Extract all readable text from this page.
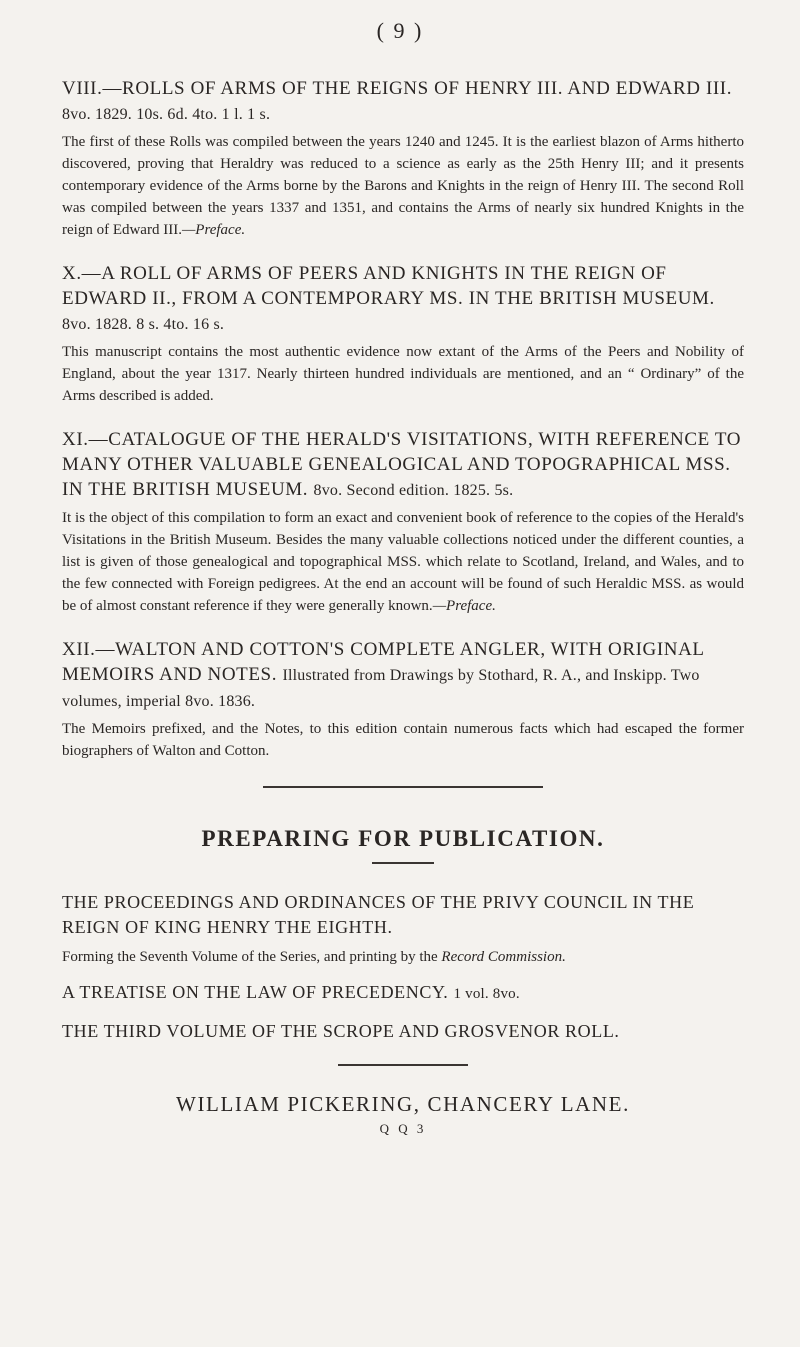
( 9 )

VIII.—ROLLS OF ARMS OF THE REIGNS OF HENRY III. AND EDWARD III. 8vo. 1829. 10s. 6d. 4to. 1 l. 1 s.

The first of these Rolls was compiled between the years 1240 and 1245. It is the earliest blazon of Arms hitherto discovered, proving that Heraldry was reduced to a science as early as the 25th Henry III; and it presents contemporary evidence of the Arms borne by the Barons and Knights in the reign of Henry III. The second Roll was compiled between the years 1337 and 1351, and contains the Arms of nearly six hundred Knights in the reign of Edward III.—Preface.

X.—A ROLL OF ARMS OF PEERS AND KNIGHTS IN THE REIGN OF EDWARD II., FROM A CONTEMPORARY MS. IN THE BRITISH MUSEUM. 8vo. 1828. 8 s. 4to. 16 s.

This manuscript contains the most authentic evidence now extant of the Arms of the Peers and Nobility of England, about the year 1317. Nearly thirteen hundred individuals are mentioned, and an “ Ordinary” of the Arms described is added.

XI.—CATALOGUE OF THE HERALD'S VISITATIONS, WITH REFERENCE TO MANY OTHER VALUABLE GENEALOGICAL AND TOPOGRAPHICAL MSS. IN THE BRITISH MUSEUM. 8vo. Second edition. 1825. 5s.

It is the object of this compilation to form an exact and convenient book of reference to the copies of the Herald's Visitations in the British Museum. Besides the many valuable collections noticed under the different counties, a list is given of those genealogical and topographical MSS. which relate to Scotland, Ireland, and Wales, and to the few connected with Foreign pedigrees. At the end an account will be found of such Heraldic MSS. as would be of almost constant reference if they were generally known.—Preface.

XII.—WALTON AND COTTON'S COMPLETE ANGLER, WITH ORIGINAL MEMOIRS AND NOTES. Illustrated from Drawings by Stothard, R. A., and Inskipp. Two volumes, imperial 8vo. 1836.

The Memoirs prefixed, and the Notes, to this edition contain numerous facts which had escaped the former biographers of Walton and Cotton.

PREPARING FOR PUBLICATION.

THE PROCEEDINGS AND ORDINANCES OF THE PRIVY COUNCIL IN THE REIGN OF KING HENRY THE EIGHTH.

Forming the Seventh Volume of the Series, and printing by the Record Commission.

A TREATISE ON THE LAW OF PRECEDENCY. 1 vol. 8vo.

THE THIRD VOLUME OF THE SCROPE AND GROSVENOR ROLL.

WILLIAM PICKERING, CHANCERY LANE.

Q Q 3
